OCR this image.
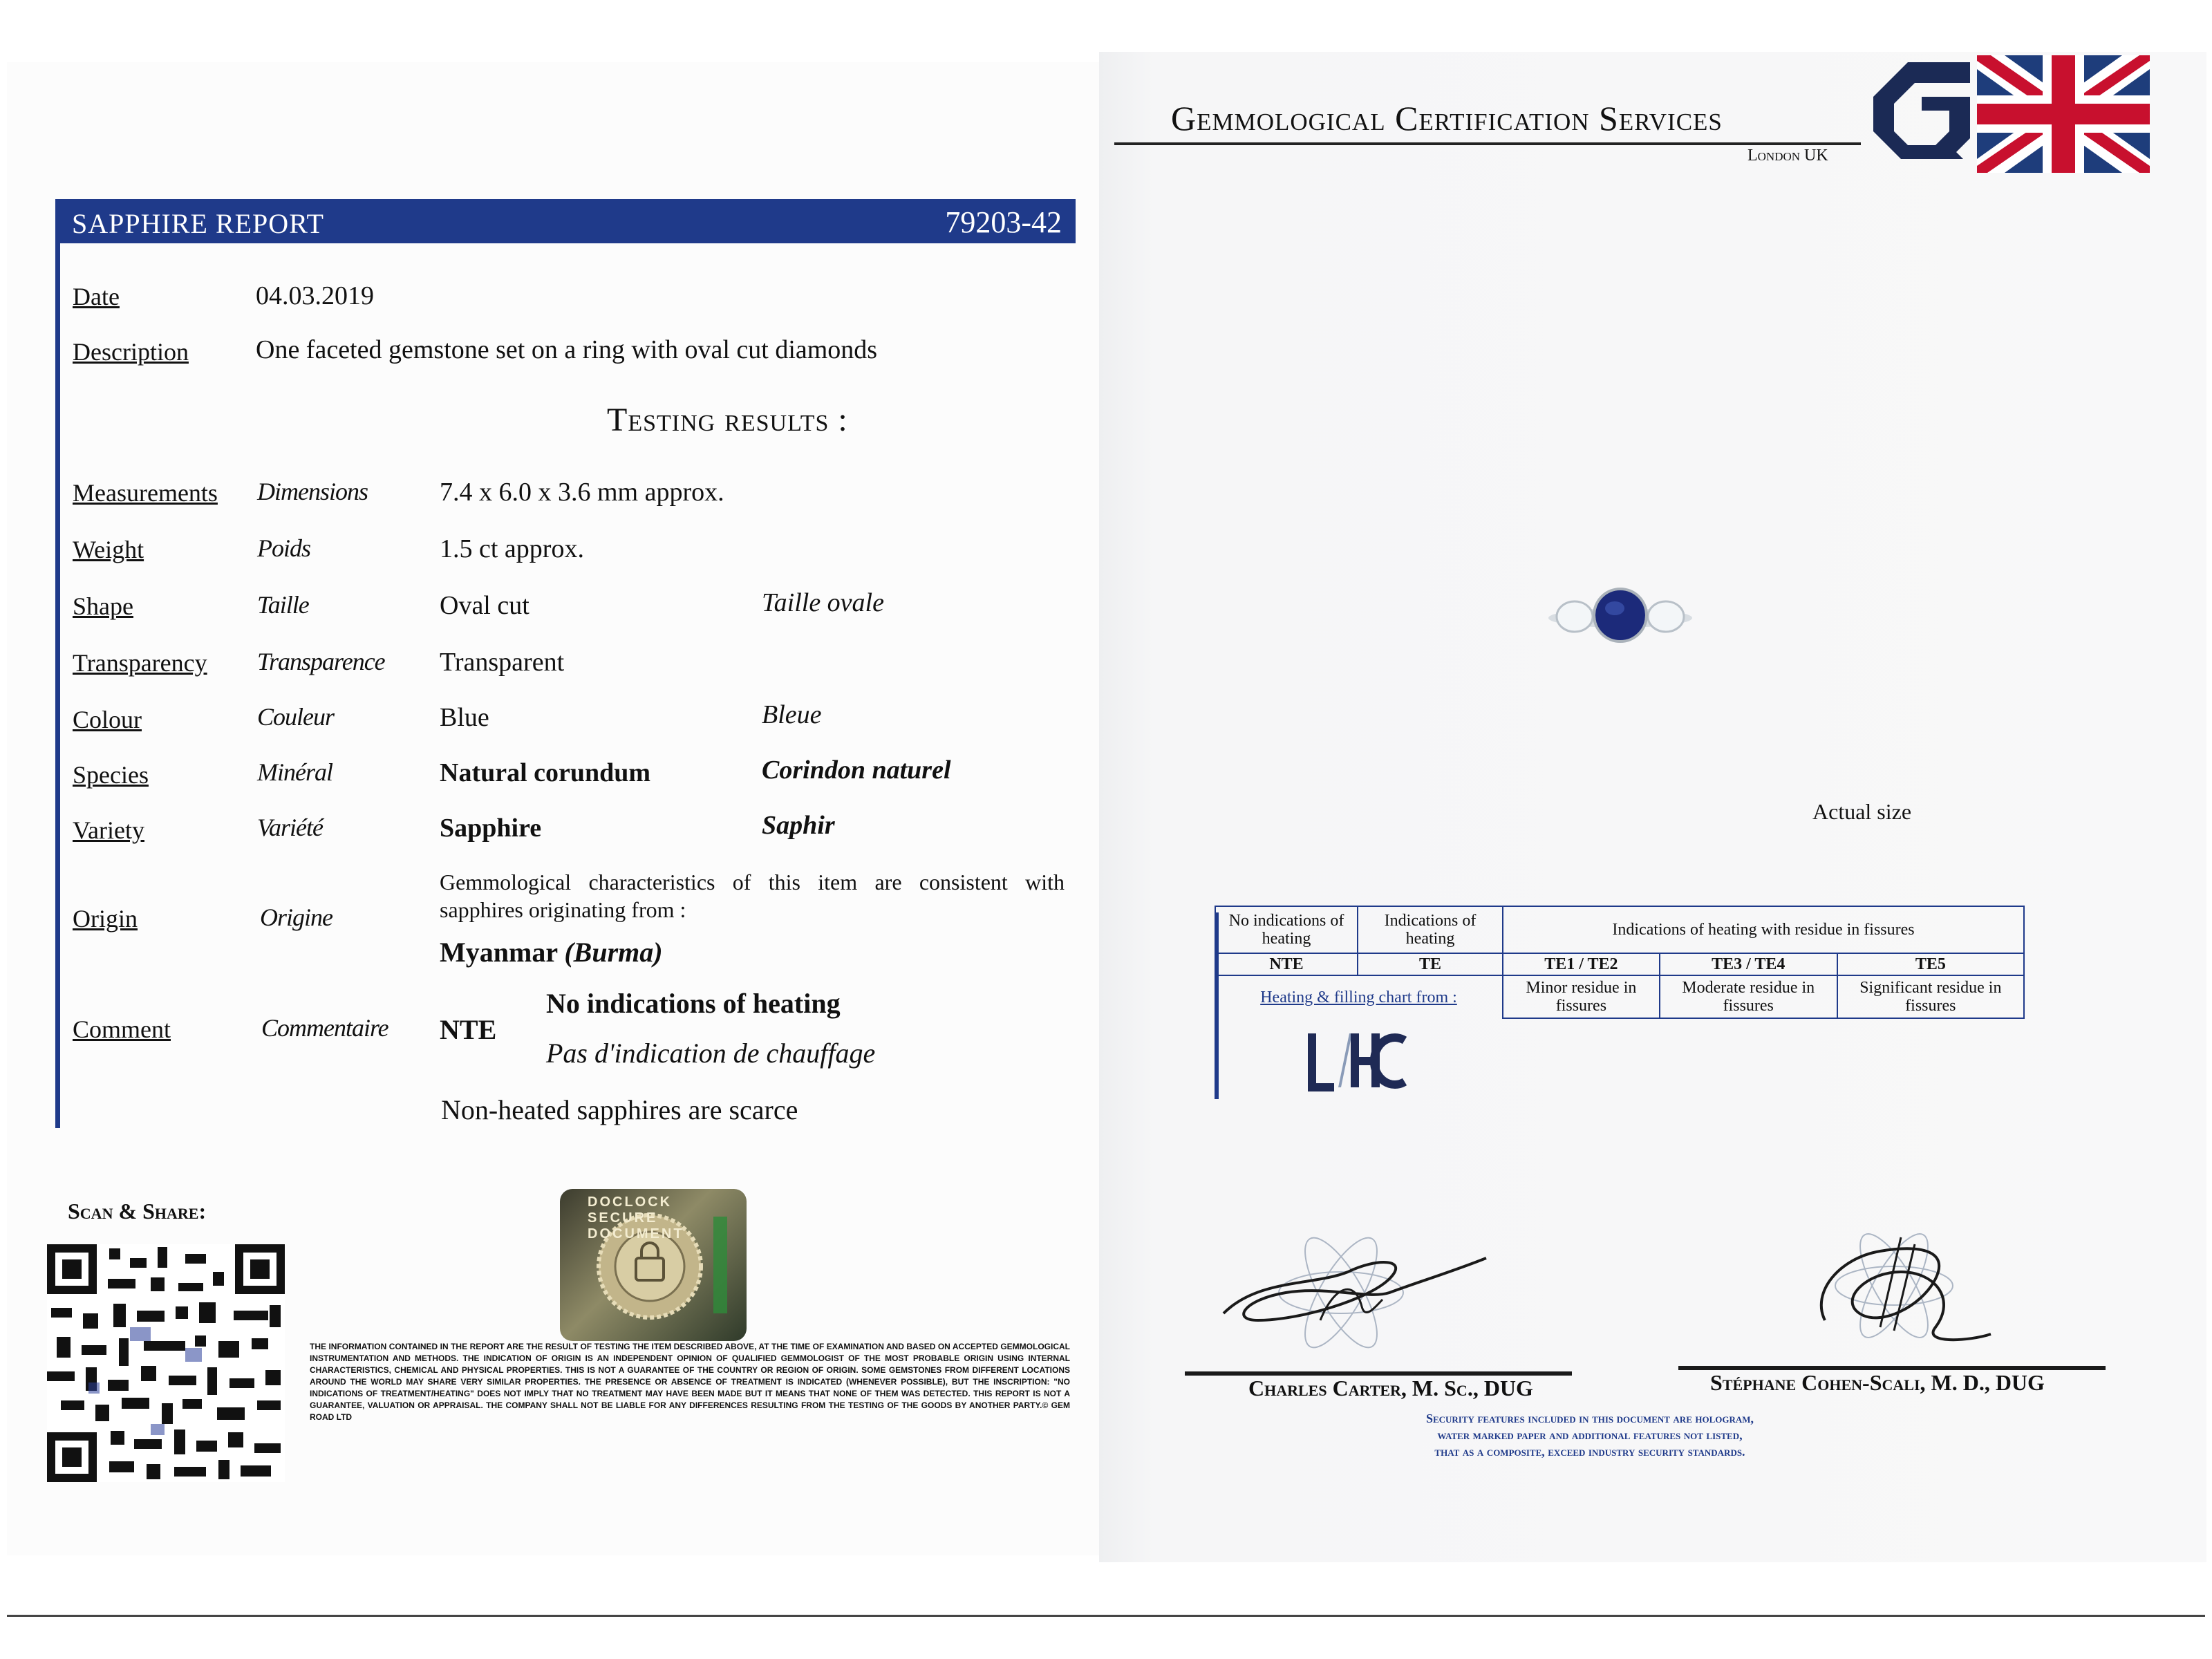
SAPPHIRE REPORT	79203-42
Date	04.03.2019
Description	One faceted gemstone set on a ring with oval cut diamonds
Testing results :
Measurements Dimensions	7.4 x 6.0 x 3.6 mm approx.
Weight	Poids	1.5 ct approx.
Shape	Taille	Oval cut	Taille ovale
Transparency Transparence Transparent
Colour	Couleur	Blue	Bleue
Species	Minéral	Natural corundum	Corindon naturel
Variety	Variété	Sapphire	Saphir
Origin	Origine
Gemmological characteristics of this item are consistent with sapphires originating from :
Myanmar (Burma)
Comment	Commentaire NTE
No indications of heating
Pas d'indication de chauffage
Non-heated sapphires are scarce
Scan & Share:	DOCLOCK SECURE DOCUMENT
THE INFORMATION CONTAINED IN THE REPORT ARE THE RESULT OF TESTING THE ITEM DESCRIBED ABOVE, AT THE TIME OF EXAMINATION AND BASED ON ACCEPTED GEMMOLOGICAL INSTRUMENTATION AND METHODS. THE INDICATION OF ORIGIN IS AN INDEPENDENT OPINION OF QUALIFIED GEMMOLOGIST OF THE MOST PROBABLE ORIGIN USING INTERNAL CHARACTERISTICS, CHEMICAL AND PHYSICAL PROPERTIES. THIS IS NOT A GUARANTEE OF THE COUNTRY OR REGION OF ORIGIN. SOME GEMSTONES FROM DIFFERENT LOCATIONS AROUND THE WORLD MAY SHARE VERY SIMILAR PROPERTIES. THE PRESENCE OR ABSENCE OF TREATMENT IS INDICATED (WHENEVER POSSIBLE), BUT THE INSCRIPTION: "NO INDICATIONS OF TREATMENT/HEATING" DOES NOT IMPLY THAT NO TREATMENT MAY HAVE BEEN MADE BUT IT MEANS THAT NONE OF THEM WAS DETECTED. THIS REPORT IS NOT A GUARANTEE, VALUATION OR APPRAISAL. THE COMPANY SHALL NOT BE LIABLE FOR ANY DIFFERENCES RESULTING FROM THE TESTING OF THE GOODS BY ANOTHER PARTY.© GEM ROAD LTD
Gemmological Certification Services
London UK
Actual size
No indications of heating	Indications of heating	Indications of heating with residue in fissures		
NTE	TE	TE1 / TE2	TE3 / TE4	TE5
Heating & filling chart from :		Minor residue in fissures	Moderate residue in fissures	Significant residue in fissures
Charles Carter, M. Sc., DUG	Stéphane Cohen-Scali, M. D., DUG
Security features included in this document are hologram,
water marked paper and additional features not listed,
that as a composite, exceed industry security standards.
